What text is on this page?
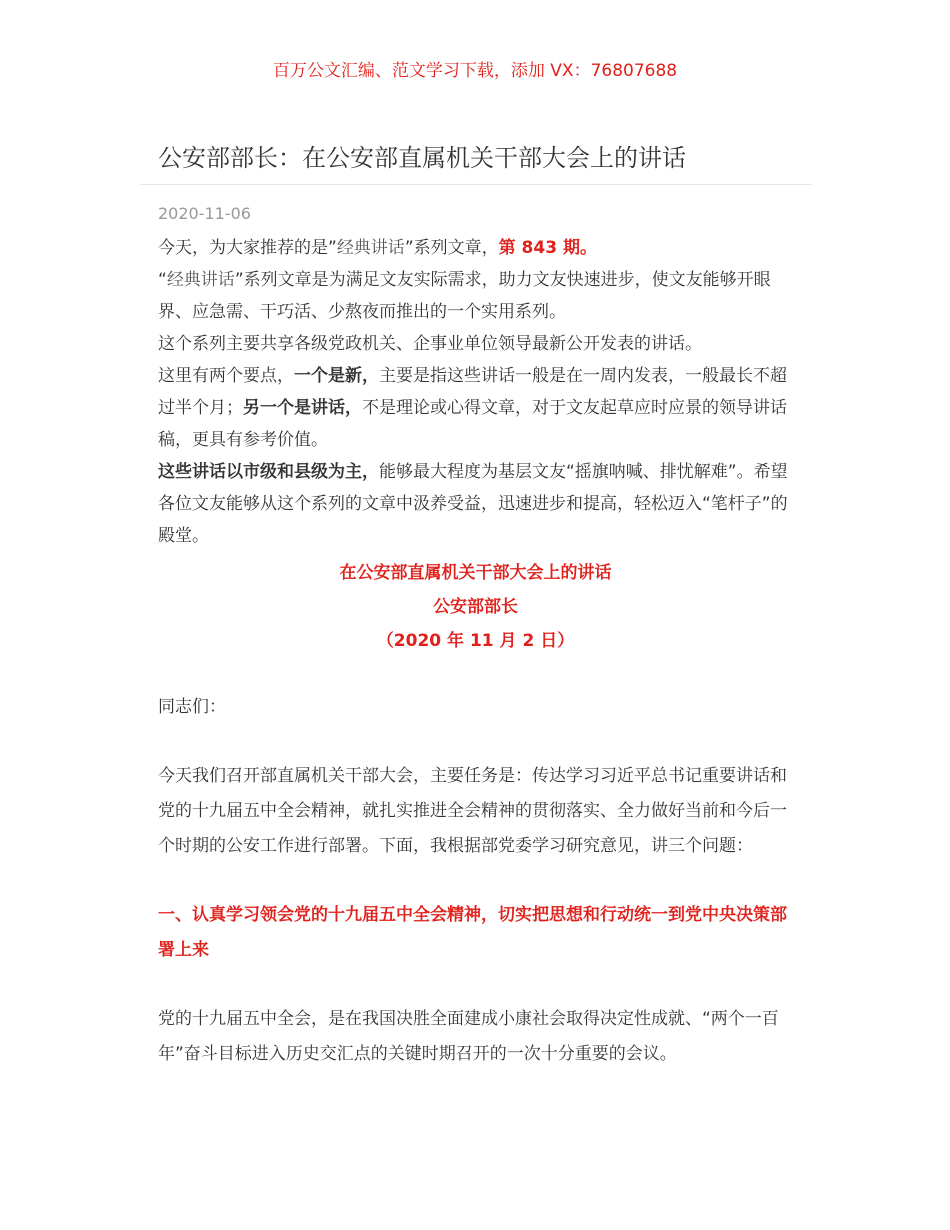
百万公文汇编、范文学习下载，添加 VX：76807688
公安部部长：在公安部直属机关干部大会上的讲话
2020-11-06

今天，为大家推荐的是”经典讲话”系列文章，第 843 期。

“经典讲话”系列文章是为满足文友实际需求，助力文友快速进步，使文友能够开眼界、应急需、干巧活、少熬夜而推出的一个实用系列。

这个系列主要共享各级党政机关、企事业单位领导最新公开发表的讲话。

这里有两个要点，一个是新，主要是指这些讲话一般是在一周内发表，一般最长不超过半个月；另一个是讲话，不是理论或心得文章，对于文友起草应时应景的领导讲话稿，更具有参考价值。

这些讲话以市级和县级为主，能够最大程度为基层文友“摇旗呐喊、排忧解难”。希望各位文友能够从这个系列的文章中汲养受益，迅速进步和提高，轻松迈入“笔杆子”的殿堂。

在公安部直属机关干部大会上的讲话

公安部部长

（2020 年 11 月 2 日）

同志们：

今天我们召开部直属机关干部大会，主要任务是：传达学习习近平总书记重要讲话和党的十九届五中全会精神，就扎实推进全会精神的贯彻落实、全力做好当前和今后一个时期的公安工作进行部署。下面，我根据部党委学习研究意见，讲三个问题：

一、认真学习领会党的十九届五中全会精神，切实把思想和行动统一到党中央决策部署上来

党的十九届五中全会，是在我国决胜全面建成小康社会取得决定性成就、“两个一百年”奋斗目标进入历史交汇点的关键时期召开的一次十分重要的会议。
